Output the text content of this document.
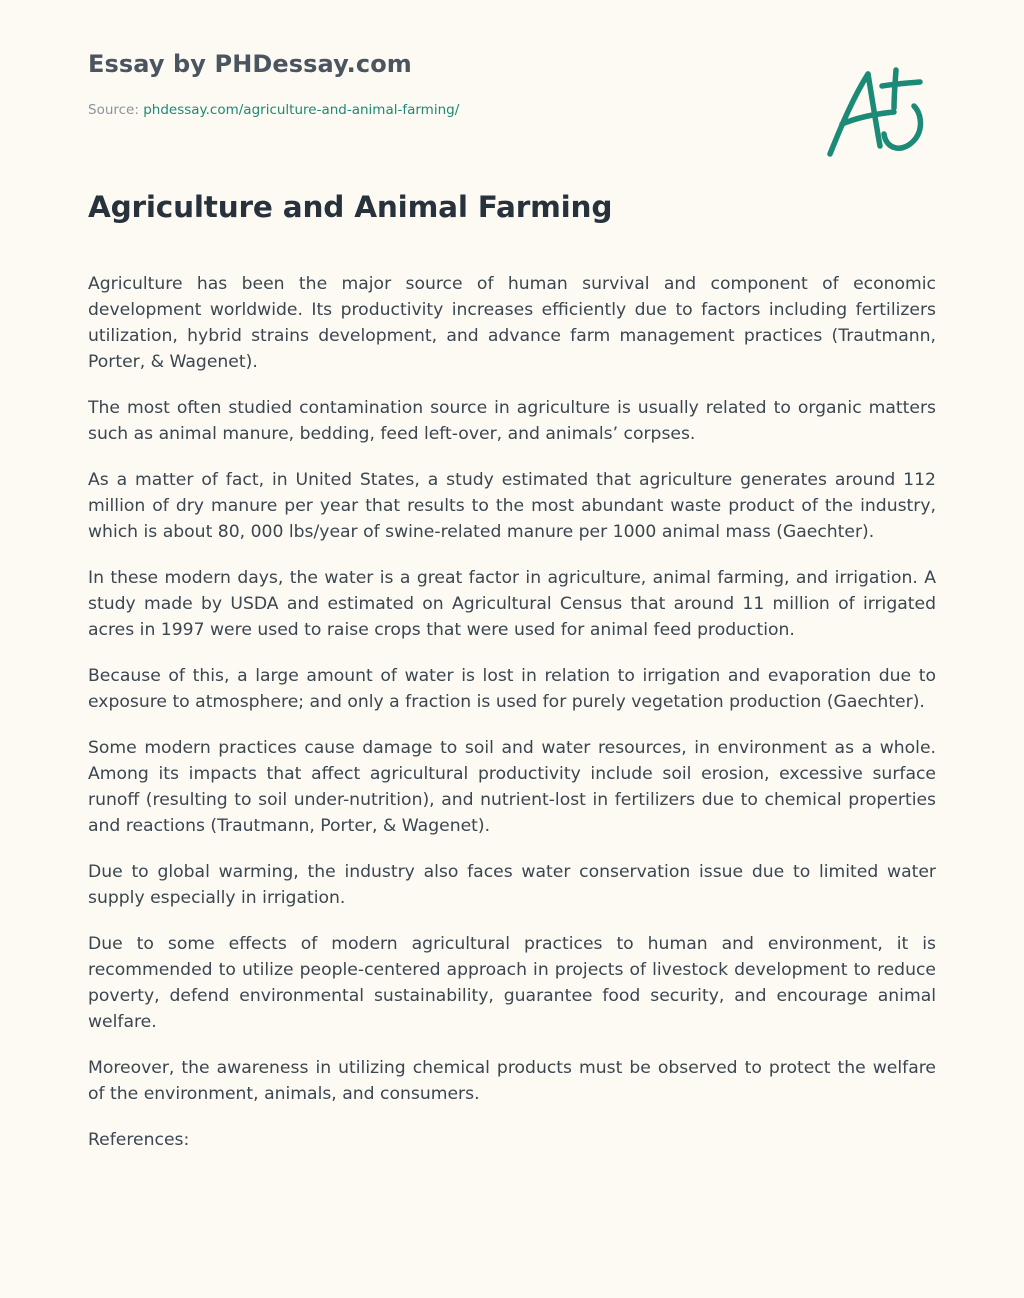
Essay by PHDessay.com

Source: phdessay.com/agriculture-and-animal-farming/

Agriculture and Animal Farming

Agriculture has been the major source of human survival and component of economic development worldwide. Its productivity increases efficiently due to factors including fertilizers utilization, hybrid strains development, and advance farm management practices (Trautmann, Porter, & Wagenet).

The most often studied contamination source in agriculture is usually related to organic matters such as animal manure, bedding, feed left-over, and animals’ corpses.

As a matter of fact, in United States, a study estimated that agriculture generates around 112 million of dry manure per year that results to the most abundant waste product of the industry, which is about 80, 000 lbs/year of swine-related manure per 1000 animal mass (Gaechter).

In these modern days, the water is a great factor in agriculture, animal farming, and irrigation. A study made by USDA and estimated on Agricultural Census that around 11 million of irrigated acres in 1997 were used to raise crops that were used for animal feed production.

Because of this, a large amount of water is lost in relation to irrigation and evaporation due to exposure to atmosphere; and only a fraction is used for purely vegetation production (Gaechter).

Some modern practices cause damage to soil and water resources, in environment as a whole. Among its impacts that affect agricultural productivity include soil erosion, excessive surface runoff (resulting to soil under-nutrition), and nutrient-lost in fertilizers due to chemical properties and reactions (Trautmann, Porter, & Wagenet).

Due to global warming, the industry also faces water conservation issue due to limited water supply especially in irrigation.

Due to some effects of modern agricultural practices to human and environment, it is recommended to utilize people-centered approach in projects of livestock development to reduce poverty, defend environmental sustainability, guarantee food security, and encourage animal welfare.

Moreover, the awareness in utilizing chemical products must be observed to protect the welfare of the environment, animals, and consumers.

References:
